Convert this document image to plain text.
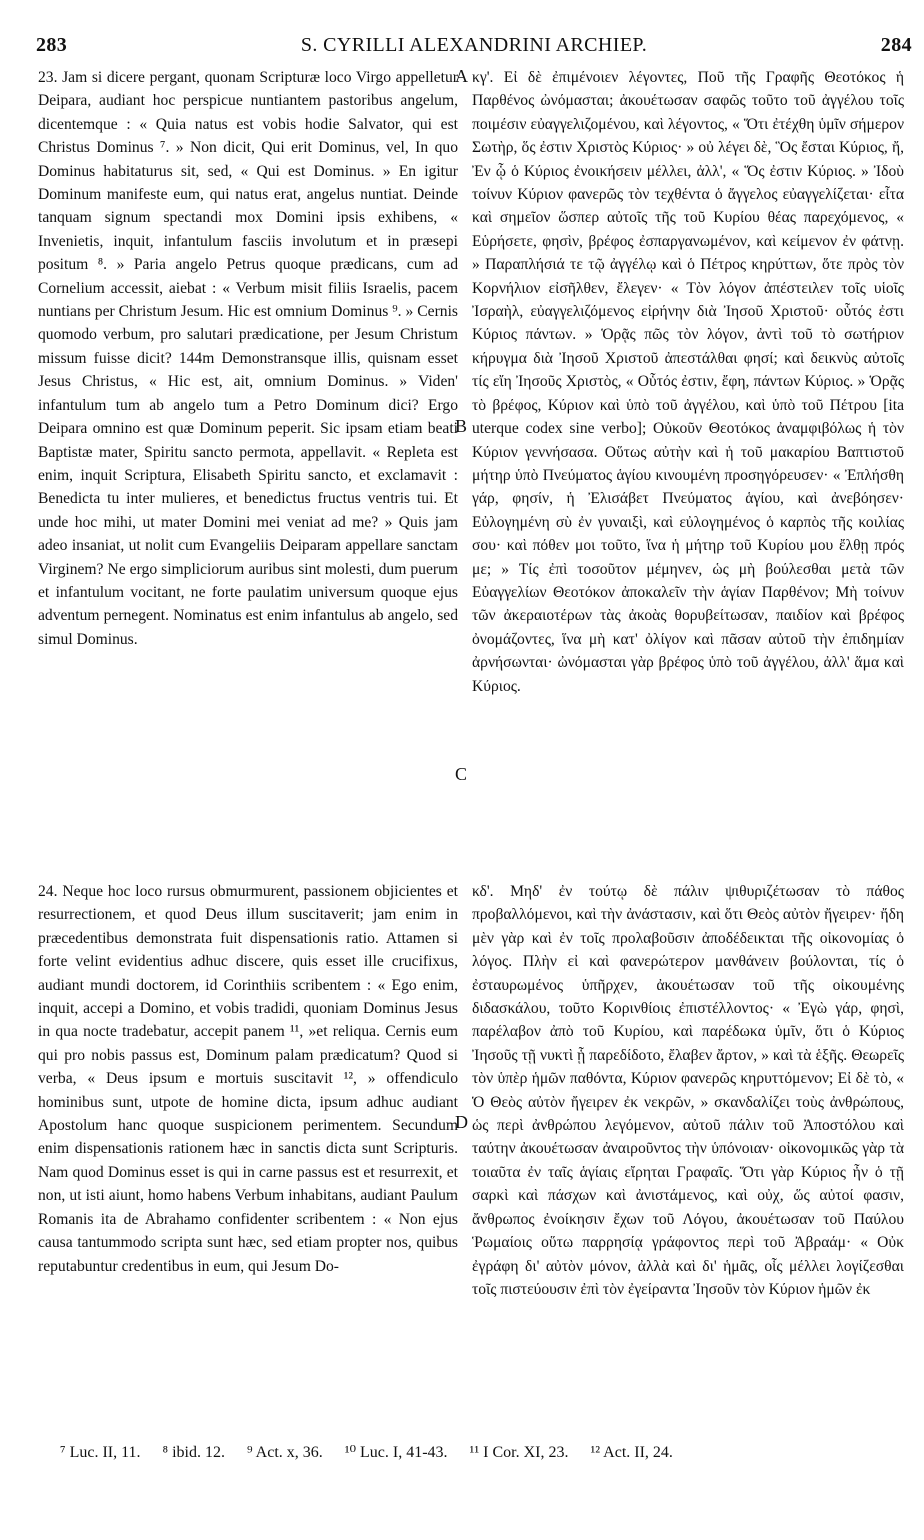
283	S. CYRILLI ALEXANDRINI ARCHIEP.	284

23. Jam si dicere pergant, quonam Scripturæ loco Virgo appelletur Deipara, audiant hoc perspicue nuntiantem pastoribus angelum, dicentemque : « Quia natus est vobis hodie Salvator, qui est Christus Dominus ⁷. » Non dicit, Qui erit Dominus, vel, In quo Dominus habitaturus sit, sed, « Qui est Dominus. » En igitur Dominum manifeste eum, qui natus erat, angelus nuntiat. Deinde tanquam signum spectandi mox Domini ipsis exhibens, « Invenietis, inquit, infantulum fasciis involutum et in præsepi positum ⁸. » Paria angelo Petrus quoque prædicans, cum ad Cornelium accessit, aiebat : « Verbum misit filiis Israelis, pacem nuntians per Christum Jesum. Hic est omnium Dominus ⁹. » Cernis quomodo verbum, pro salutari prædicatione, per Jesum Christum missum fuisse dicit? 144m Demonstransque illis, quisnam esset Jesus Christus, « Hic est, ait, omnium Dominus. » Viden' infantulum tum ab angelo tum a Petro Dominum dici? Ergo Deipara omnino est quæ Dominum peperit. Sic ipsam etiam beati Baptistæ mater, Spiritu sancto permota, appellavit. « Repleta est enim, inquit Scriptura, Elisabeth Spiritu sancto, et exclamavit : Benedicta tu inter mulieres, et benedictus fructus ventris tui. Et unde hoc mihi, ut mater Domini mei veniat ad me? » Quis jam adeo insaniat, ut nolit cum Evangeliis Deiparam appellare sanctam Virginem? Ne ergo simpliciorum auribus sint molesti, dum puerum et infantulum vocitant, ne forte paulatim universum quoque ejus adventum pernegent. Nominatus est enim infantulus ab angelo, sed simul Dominus.

κγ'. Εἰ δὲ ἐπιμένοιεν λέγοντες, Ποῦ τῆς Γραφῆς Θεοτόκος ἡ Παρθένος ὠνόμασται; ἀκουέτωσαν σαφῶς τοῦτο τοῦ ἀγγέλου τοῖς ποιμέσιν εὐαγγελιζομένου, καὶ λέγοντος, « Ὅτι ἐτέχθη ὑμῖν σήμερον Σωτὴρ, ὅς ἐστιν Χριστὸς Κύριος· » οὐ λέγει δὲ, Ὃς ἔσται Κύριος, ἤ, Ἐν ᾧ ὁ Κύριος ἐνοικήσειν μέλλει, ἀλλ', « Ὅς ἐστιν Κύριος. » Ἰδοὺ τοίνυν Κύριον φανερῶς τὸν τεχθέντα ὁ ἄγγελος εὐαγγελίζεται· εἶτα καὶ σημεῖον ὥσπερ αὐτοῖς τῆς τοῦ Κυρίου θέας παρεχόμενος, « Εὑρήσετε, φησὶν, βρέφος ἐσπαργανωμένον, καὶ κείμενον ἐν φάτνῃ. » Παραπλήσιά τε τῷ ἀγγέλῳ καὶ ὁ Πέτρος κηρύττων, ὅτε πρὸς τὸν Κορνήλιον εἰσῆλθεν, ἔλεγεν· « Τὸν λόγον ἀπέστειλεν τοῖς υἱοῖς Ἰσραὴλ, εὐαγγελιζόμενος εἰρήνην διὰ Ἰησοῦ Χριστοῦ· οὗτός ἐστι Κύριος πάντων. » Ὁρᾷς πῶς τὸν λόγον, ἀντὶ τοῦ τὸ σωτήριον κήρυγμα διὰ Ἰησοῦ Χριστοῦ ἀπεστάλθαι φησί; καὶ δεικνὺς αὐτοῖς τίς εἴη Ἰησοῦς Χριστὸς, « Οὗτός ἐστιν, ἔφη, πάντων Κύριος. » Ὁρᾷς τὸ βρέφος, Κύριον καὶ ὑπὸ τοῦ ἀγγέλου, καὶ ὑπὸ τοῦ Πέτρου [ita uterque codex sine verbo]; Οὐκοῦν Θεοτόκος ἀναμφιβόλως ἡ τὸν Κύριον γεννήσασα. Οὕτως αὐτὴν καὶ ἡ τοῦ μακαρίου Βαπτιστοῦ μήτηρ ὑπὸ Πνεύματος ἁγίου κινουμένη προσηγόρευσεν· « Ἐπλήσθη γάρ, φησίν, ἡ Ἐλισάβετ Πνεύματος ἁγίου, καὶ ἀνεβόησεν· Εὐλογημένη σὺ ἐν γυναιξὶ, καὶ εὐλογημένος ὁ καρπὸς τῆς κοιλίας σου· καὶ πόθεν μοι τοῦτο, ἵνα ἡ μήτηρ τοῦ Κυρίου μου ἔλθῃ πρός με; » Τίς ἐπὶ τοσοῦτον μέμηνεν, ὡς μὴ βούλεσθαι μετὰ τῶν Εὐαγγελίων Θεοτόκον ἀποκαλεῖν τὴν ἁγίαν Παρθένον; Μὴ τοίνυν τῶν ἀκεραιοτέρων τὰς ἀκοὰς θορυβείτωσαν, παιδίον καὶ βρέφος ὀνομάζοντες, ἵνα μὴ κατ' ὀλίγον καὶ πᾶσαν αὐτοῦ τὴν ἐπιδημίαν ἀρνήσωνται· ὠνόμασται γὰρ βρέφος ὑπὸ τοῦ ἀγγέλου, ἀλλ' ἅμα καὶ Κύριος.

24. Neque hoc loco rursus obmurmurent, passionem objicientes et resurrectionem, et quod Deus illum suscitaverit; jam enim in præcedentibus demonstrata fuit dispensationis ratio. Attamen si forte velint evidentius adhuc discere, quis esset ille crucifixus, audiant mundi doctorem, id Corinthiis scribentem : « Ego enim, inquit, accepi a Domino, et vobis tradidi, quoniam Dominus Jesus in qua nocte tradebatur, accepit panem ¹¹, »et reliqua. Cernis eum qui pro nobis passus est, Dominum palam prædicatum? Quod si verba, « Deus ipsum e mortuis suscitavit ¹², » offendiculo hominibus sunt, utpote de homine dicta, ipsum adhuc audiant Apostolum hanc quoque suspicionem perimentem. Secundum enim dispensationis rationem hæc in sanctis dicta sunt Scripturis. Nam quod Dominus esset is qui in carne passus est et resurrexit, et non, ut isti aiunt, homo habens Verbum inhabitans, audiant Paulum Romanis ita de Abrahamo confidenter scribentem : « Non ejus causa tantummodo scripta sunt hæc, sed etiam propter nos, quibus reputabuntur credentibus in eum, qui Jesum Do-

κδ'. Μηδ' ἐν τούτῳ δὲ πάλιν ψιθυριζέτωσαν τὸ πάθος προβαλλόμενοι, καὶ τὴν ἀνάστασιν, καὶ ὅτι Θεὸς αὐτὸν ἤγειρεν· ἤδη μὲν γὰρ καὶ ἐν τοῖς προλαβοῦσιν ἀποδέδεικται τῆς οἰκονομίας ὁ λόγος. Πλὴν εἰ καὶ φανερώτερον μανθάνειν βούλονται, τίς ὁ ἐσταυρωμένος ὑπῆρχεν, ἀκουέτωσαν τοῦ τῆς οἰκουμένης διδασκάλου, τοῦτο Κορινθίοις ἐπιστέλλοντος· « Ἐγὼ γάρ, φησὶ, παρέλαβον ἀπὸ τοῦ Κυρίου, καὶ παρέδωκα ὑμῖν, ὅτι ὁ Κύριος Ἰησοῦς τῇ νυκτὶ ᾗ παρεδίδοτο, ἔλαβεν ἄρτον, » καὶ τὰ ἑξῆς. Θεωρεῖς τὸν ὑπὲρ ἡμῶν παθόντα, Κύριον φανερῶς κηρυττόμενον; Εἰ δὲ τὸ, « Ὁ Θεὸς αὐτὸν ἤγειρεν ἐκ νεκρῶν, » σκανδαλίζει τοὺς ἀνθρώπους, ὡς περὶ ἀνθρώπου λεγόμενον, αὐτοῦ πάλιν τοῦ Ἀποστόλου καὶ ταύτην ἀκουέτωσαν ἀναιροῦντος τὴν ὑπόνοιαν· οἰκονομικῶς γὰρ τὰ τοιαῦτα ἐν ταῖς ἁγίαις εἴρηται Γραφαῖς. Ὅτι γὰρ Κύριος ἦν ὁ τῇ σαρκὶ καὶ πάσχων καὶ ἀνιστάμενος, καὶ οὐχ, ὥς αὐτοί φασιν, ἄνθρωπος ἐνοίκησιν ἔχων τοῦ Λόγου, ἀκουέτωσαν τοῦ Παύλου Ῥωμαίοις οὕτω παρρησίᾳ γράφοντος περὶ τοῦ Ἀβραάμ· « Οὐκ ἐγράφη δι' αὐτὸν μόνον, ἀλλὰ καὶ δι' ἡμᾶς, οἷς μέλλει λογίζεσθαι τοῖς πιστεύουσιν ἐπὶ τὸν ἐγείραντα Ἰησοῦν τὸν Κύριον ἡμῶν ἐκ

A
B
C
D
⁷ Luc. II, 11. ⁸ ibid. 12. ⁹ Act. x, 36. ¹⁰ Luc. I, 41-43. ¹¹ I Cor. XI, 23. ¹² Act. II, 24.
